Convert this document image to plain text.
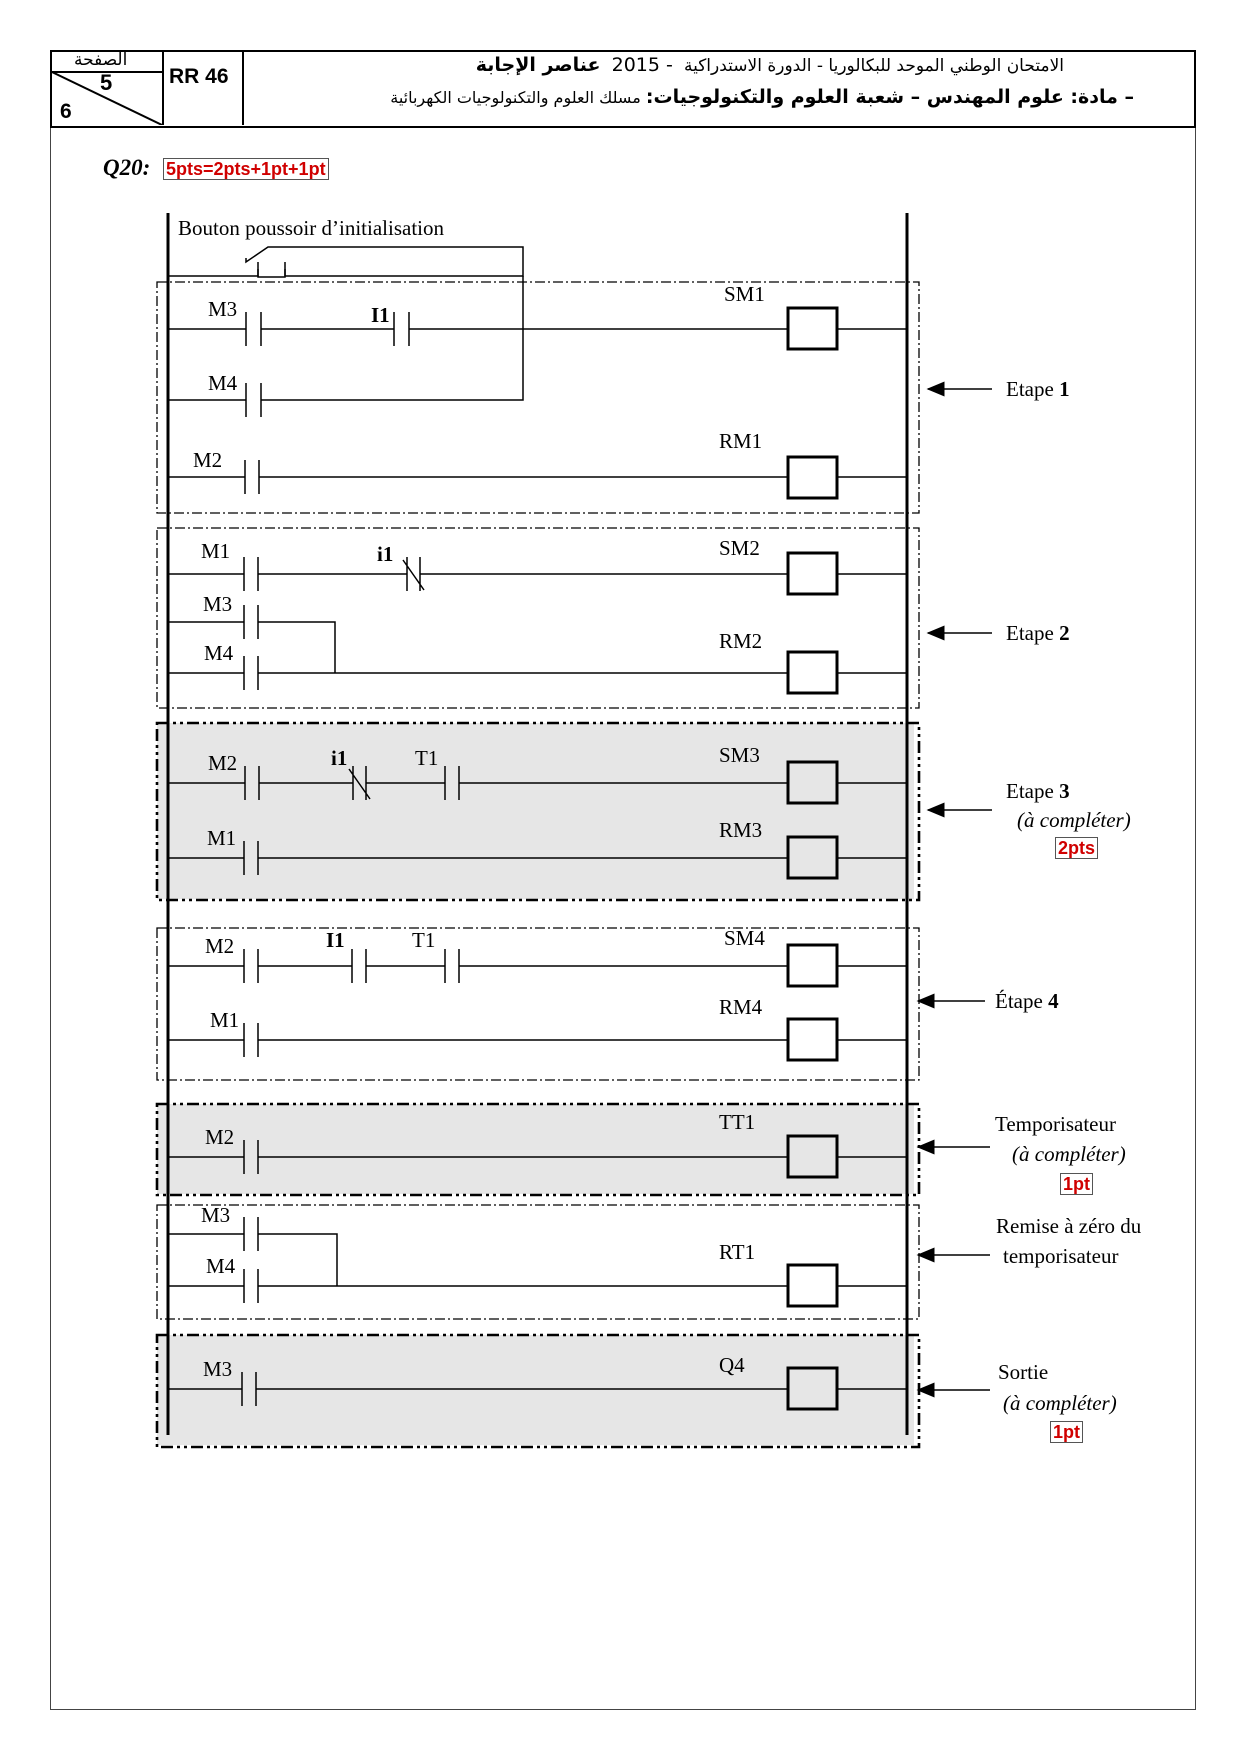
الصفحة
5
6
RR 46	الامتحان الوطني الموحد للبكالوريا - الدورة الاستدراكية 2015 - عناصر الإجابة
– مادة: علوم المهندس – شعبة العلوم والتكنولوجيات: مسلك العلوم والتكنولوجيات الكهربائية
Q20: 5pts=2pts+1pt+1pt
Bouton poussoir d’initialisation
M3	I1
M4
M2
M1	i1
M3
M4
M2	i1	T1
M1
M2	I1	T1
M1
M2
M3
M4
M3
SM1
RM1
SM2
RM2
SM3
RM3
SM4
RM4
TT1
RT1
Q4
Etape 1
Etape 2
Etape 3
(à compléter)
Étape 4
Temporisateur
(à compléter)
Remise à zéro du
temporisateur
Sortie
(à compléter)
2pts
1pt
1pt
